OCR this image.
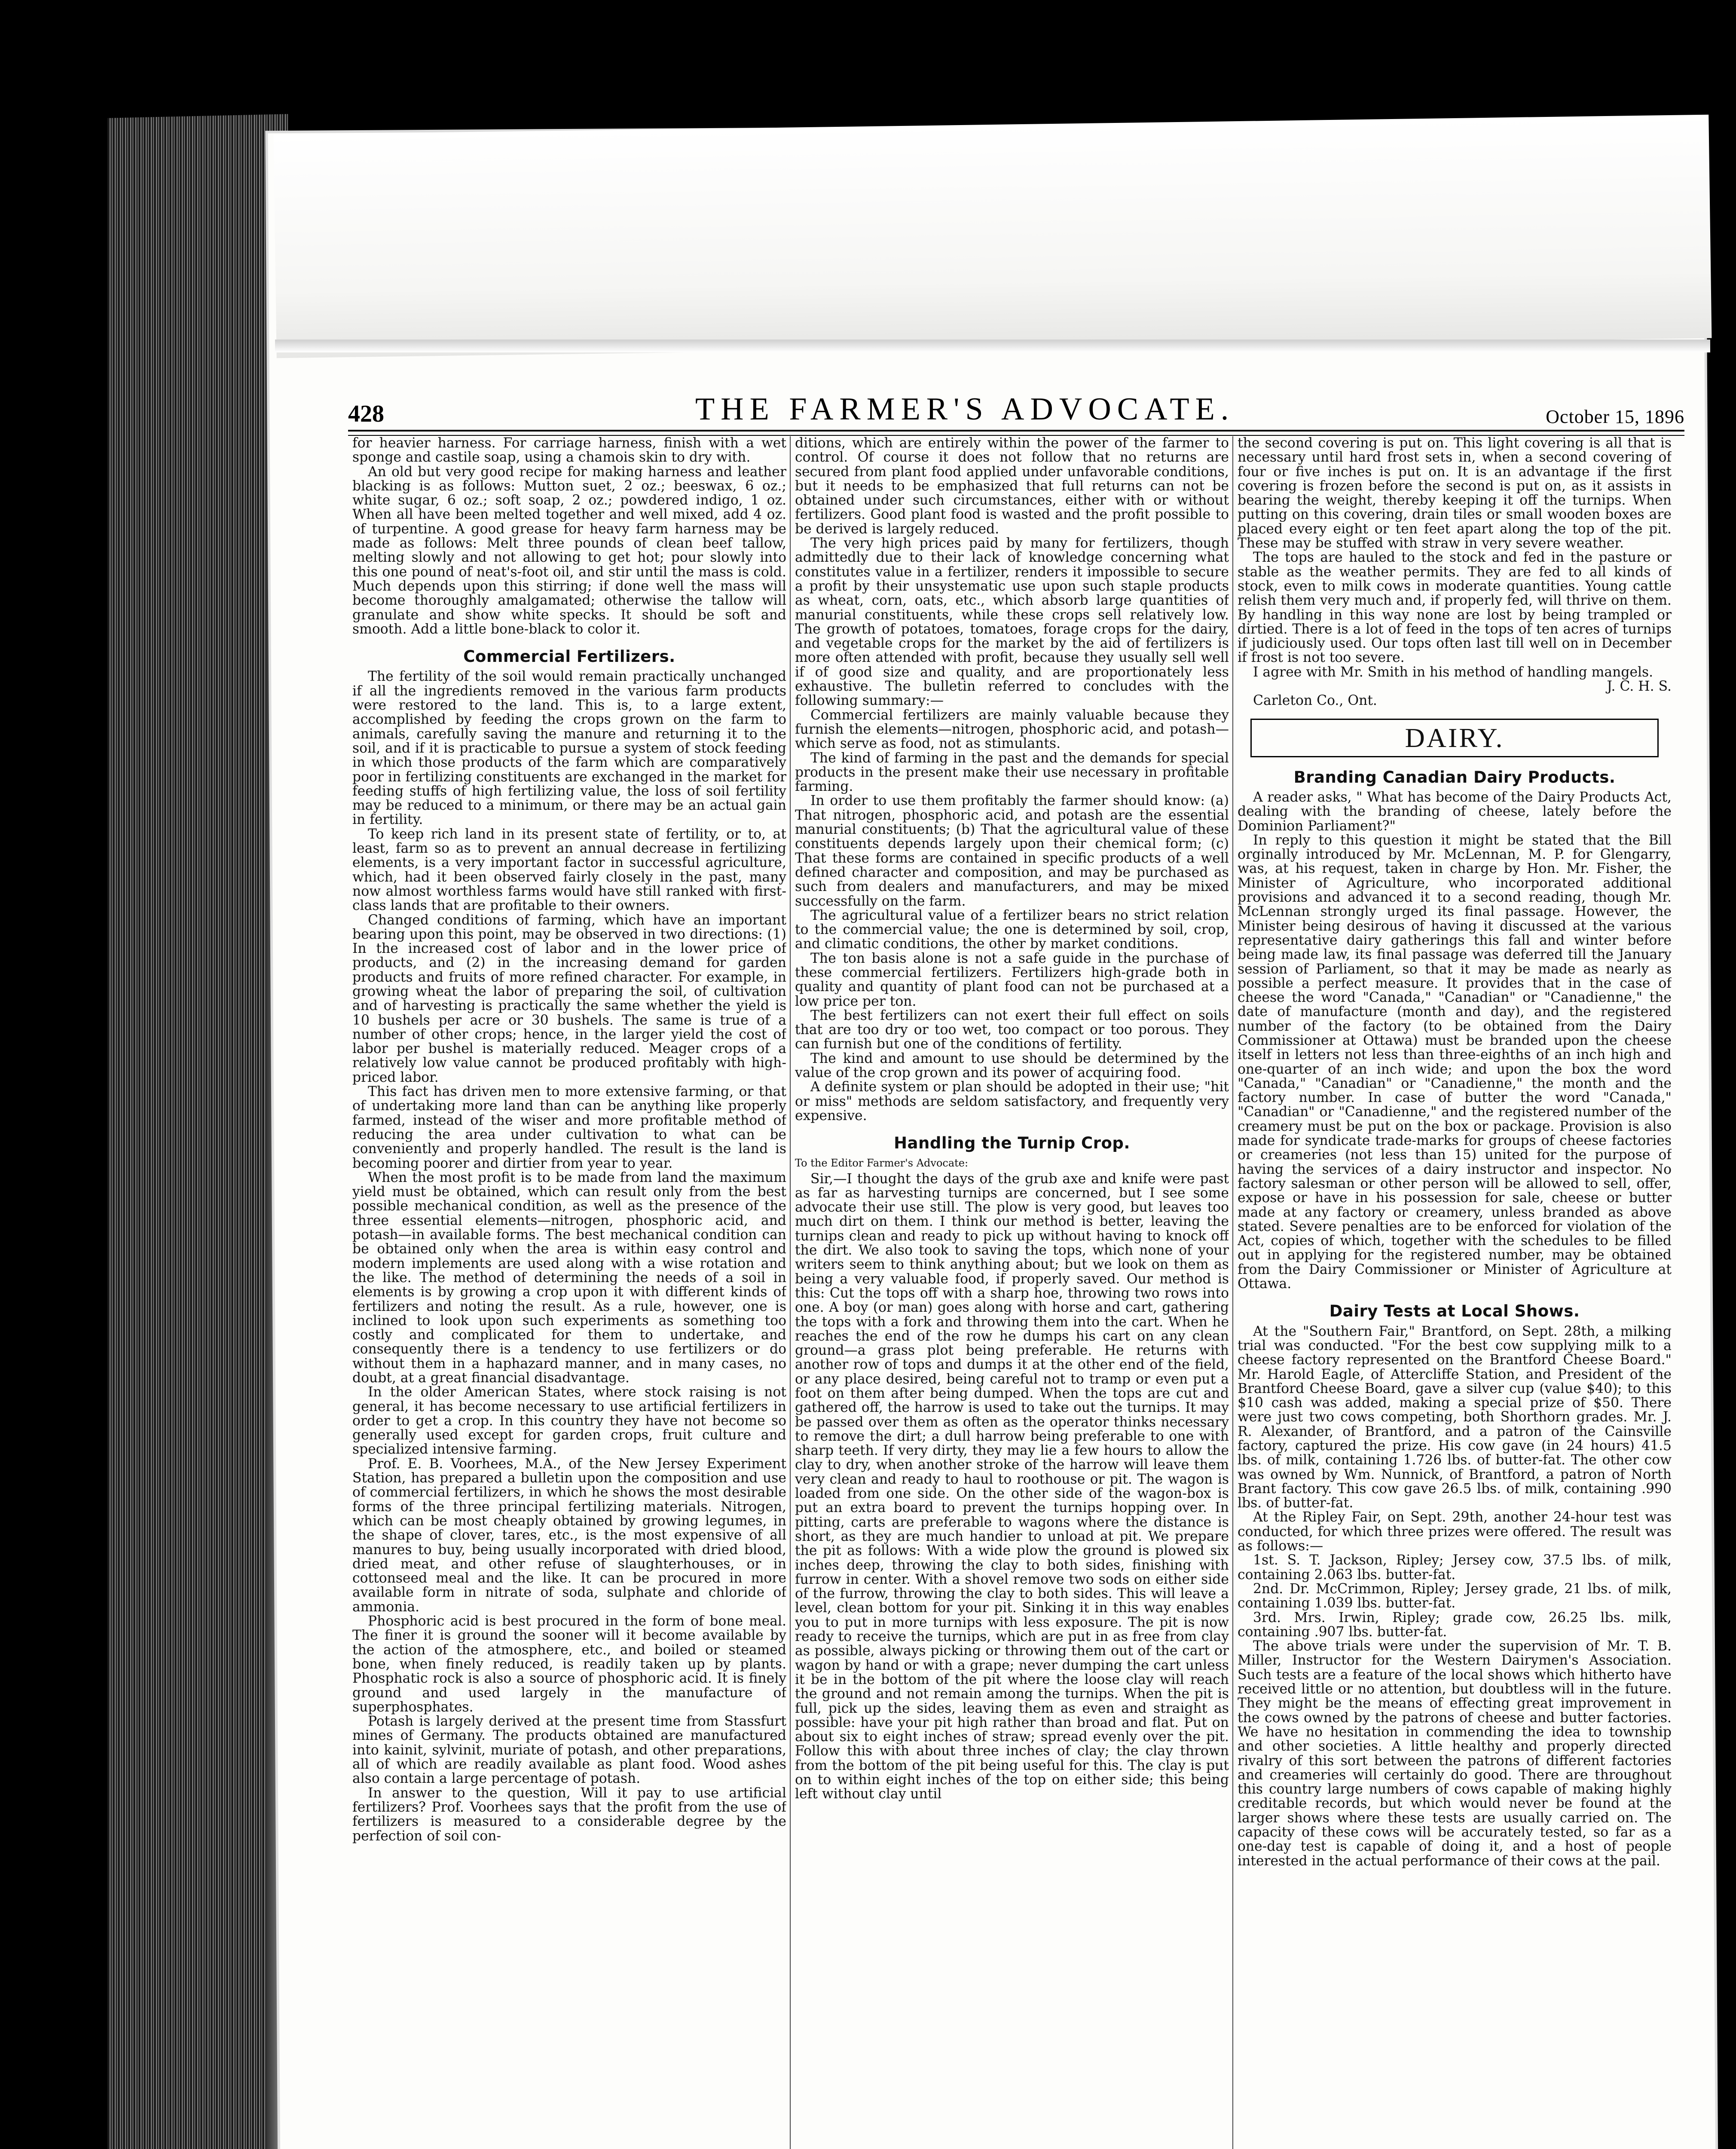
428	THE FARMER'S ADVOCATE.	October 15, 1896

for heavier harness. For carriage harness, finish with a wet sponge and castile soap, using a chamois skin to dry with.

An old but very good recipe for making harness and leather blacking is as follows: Mutton suet, 2 oz.; beeswax, 6 oz.; white sugar, 6 oz.; soft soap, 2 oz.; powdered indigo, 1 oz. When all have been melted together and well mixed, add 4 oz. of turpentine. A good grease for heavy farm harness may be made as follows: Melt three pounds of clean beef tallow, melting slowly and not allowing to get hot; pour slowly into this one pound of neat's-foot oil, and stir until the mass is cold. Much depends upon this stirring; if done well the mass will become thoroughly amalgamated; otherwise the tallow will granulate and show white specks. It should be soft and smooth. Add a little bone-black to color it.

Commercial Fertilizers.

The fertility of the soil would remain practically unchanged if all the ingredients removed in the various farm products were restored to the land. This is, to a large extent, accomplished by feeding the crops grown on the farm to animals, carefully saving the manure and returning it to the soil, and if it is practicable to pursue a system of stock feeding in which those products of the farm which are comparatively poor in fertilizing constituents are exchanged in the market for feeding stuffs of high fertilizing value, the loss of soil fertility may be reduced to a minimum, or there may be an actual gain in fertility.

To keep rich land in its present state of fertility, or to, at least, farm so as to prevent an annual decrease in fertilizing elements, is a very important factor in successful agriculture, which, had it been observed fairly closely in the past, many now almost worthless farms would have still ranked with first-class lands that are profitable to their owners.

Changed conditions of farming, which have an important bearing upon this point, may be observed in two directions: (1) In the increased cost of labor and in the lower price of products, and (2) in the increasing demand for garden products and fruits of more refined character. For example, in growing wheat the labor of preparing the soil, of cultivation and of harvesting is practically the same whether the yield is 10 bushels per acre or 30 bushels. The same is true of a number of other crops; hence, in the larger yield the cost of labor per bushel is materially reduced. Meager crops of a relatively low value cannot be produced profitably with high-priced labor.

This fact has driven men to more extensive farming, or that of undertaking more land than can be anything like properly farmed, instead of the wiser and more profitable method of reducing the area under cultivation to what can be conveniently and properly handled. The result is the land is becoming poorer and dirtier from year to year.

When the most profit is to be made from land the maximum yield must be obtained, which can result only from the best possible mechanical condition, as well as the presence of the three essential elements—nitrogen, phosphoric acid, and potash—in available forms. The best mechanical condition can be obtained only when the area is within easy control and modern implements are used along with a wise rotation and the like. The method of determining the needs of a soil in elements is by growing a crop upon it with different kinds of fertilizers and noting the result. As a rule, however, one is inclined to look upon such experiments as something too costly and complicated for them to undertake, and consequently there is a tendency to use fertilizers or do without them in a haphazard manner, and in many cases, no doubt, at a great financial disadvantage.

In the older American States, where stock raising is not general, it has become necessary to use artificial fertilizers in order to get a crop. In this country they have not become so generally used except for garden crops, fruit culture and specialized intensive farming.

Prof. E. B. Voorhees, M.A., of the New Jersey Experiment Station, has prepared a bulletin upon the composition and use of commercial fertilizers, in which he shows the most desirable forms of the three principal fertilizing materials. Nitrogen, which can be most cheaply obtained by growing legumes, in the shape of clover, tares, etc., is the most expensive of all manures to buy, being usually incorporated with dried blood, dried meat, and other refuse of slaughterhouses, or in cottonseed meal and the like. It can be procured in more available form in nitrate of soda, sulphate and chloride of ammonia.

Phosphoric acid is best procured in the form of bone meal. The finer it is ground the sooner will it become available by the action of the atmosphere, etc., and boiled or steamed bone, when finely reduced, is readily taken up by plants. Phosphatic rock is also a source of phosphoric acid. It is finely ground and used largely in the manufacture of superphosphates.

Potash is largely derived at the present time from Stassfurt mines of Germany. The products obtained are manufactured into kainit, sylvinit, muriate of potash, and other preparations, all of which are readily available as plant food. Wood ashes also contain a large percentage of potash.

In answer to the question, Will it pay to use artificial fertilizers? Prof. Voorhees says that the profit from the use of fertilizers is measured to a considerable degree by the perfection of soil con-

ditions, which are entirely within the power of the farmer to control. Of course it does not follow that no returns are secured from plant food applied under unfavorable conditions, but it needs to be emphasized that full returns can not be obtained under such circumstances, either with or without fertilizers. Good plant food is wasted and the profit possible to be derived is largely reduced.

The very high prices paid by many for fertilizers, though admittedly due to their lack of knowledge concerning what constitutes value in a fertilizer, renders it impossible to secure a profit by their unsystematic use upon such staple products as wheat, corn, oats, etc., which absorb large quantities of manurial constituents, while these crops sell relatively low. The growth of potatoes, tomatoes, forage crops for the dairy, and vegetable crops for the market by the aid of fertilizers is more often attended with profit, because they usually sell well if of good size and quality, and are proportionately less exhaustive. The bulletin referred to concludes with the following summary:—

Commercial fertilizers are mainly valuable because they furnish the elements—nitrogen, phosphoric acid, and potash—which serve as food, not as stimulants.

The kind of farming in the past and the demands for special products in the present make their use necessary in profitable farming.

In order to use them profitably the farmer should know: (a) That nitrogen, phosphoric acid, and potash are the essential manurial constituents; (b) That the agricultural value of these constituents depends largely upon their chemical form; (c) That these forms are contained in specific products of a well defined character and composition, and may be purchased as such from dealers and manufacturers, and may be mixed successfully on the farm.

The agricultural value of a fertilizer bears no strict relation to the commercial value; the one is determined by soil, crop, and climatic conditions, the other by market conditions.

The ton basis alone is not a safe guide in the purchase of these commercial fertilizers. Fertilizers high-grade both in quality and quantity of plant food can not be purchased at a low price per ton.

The best fertilizers can not exert their full effect on soils that are too dry or too wet, too compact or too porous. They can furnish but one of the conditions of fertility.

The kind and amount to use should be determined by the value of the crop grown and its power of acquiring food.

A definite system or plan should be adopted in their use; "hit or miss" methods are seldom satisfactory, and frequently very expensive.

Handling the Turnip Crop.

To the Editor Farmer's Advocate:

Sir,—I thought the days of the grub axe and knife were past as far as harvesting turnips are concerned, but I see some advocate their use still. The plow is very good, but leaves too much dirt on them. I think our method is better, leaving the turnips clean and ready to pick up without having to knock off the dirt. We also took to saving the tops, which none of your writers seem to think anything about; but we look on them as being a very valuable food, if properly saved. Our method is this: Cut the tops off with a sharp hoe, throwing two rows into one. A boy (or man) goes along with horse and cart, gathering the tops with a fork and throwing them into the cart. When he reaches the end of the row he dumps his cart on any clean ground—a grass plot being preferable. He returns with another row of tops and dumps it at the other end of the field, or any place desired, being careful not to tramp or even put a foot on them after being dumped. When the tops are cut and gathered off, the harrow is used to take out the turnips. It may be passed over them as often as the operator thinks necessary to remove the dirt; a dull harrow being preferable to one with sharp teeth. If very dirty, they may lie a few hours to allow the clay to dry, when another stroke of the harrow will leave them very clean and ready to haul to roothouse or pit. The wagon is loaded from one side. On the other side of the wagon-box is put an extra board to prevent the turnips hopping over. In pitting, carts are preferable to wagons where the distance is short, as they are much handier to unload at pit. We prepare the pit as follows: With a wide plow the ground is plowed six inches deep, throwing the clay to both sides, finishing with furrow in center. With a shovel remove two sods on either side of the furrow, throwing the clay to both sides. This will leave a level, clean bottom for your pit. Sinking it in this way enables you to put in more turnips with less exposure. The pit is now ready to receive the turnips, which are put in as free from clay as possible, always picking or throwing them out of the cart or wagon by hand or with a grape; never dumping the cart unless it be in the bottom of the pit where the loose clay will reach the ground and not remain among the turnips. When the pit is full, pick up the sides, leaving them as even and straight as possible: have your pit high rather than broad and flat. Put on about six to eight inches of straw; spread evenly over the pit. Follow this with about three inches of clay; the clay thrown from the bottom of the pit being useful for this. The clay is put on to within eight inches of the top on either side; this being left without clay until

the second covering is put on. This light covering is all that is necessary until hard frost sets in, when a second covering of four or five inches is put on. It is an advantage if the first covering is frozen before the second is put on, as it assists in bearing the weight, thereby keeping it off the turnips. When putting on this covering, drain tiles or small wooden boxes are placed every eight or ten feet apart along the top of the pit. These may be stuffed with straw in very severe weather.

The tops are hauled to the stock and fed in the pasture or stable as the weather permits. They are fed to all kinds of stock, even to milk cows in moderate quantities. Young cattle relish them very much and, if properly fed, will thrive on them. By handling in this way none are lost by being trampled or dirtied. There is a lot of feed in the tops of ten acres of turnips if judiciously used. Our tops often last till well on in December if frost is not too severe.

I agree with Mr. Smith in his method of handling mangels.

J. C. H. S.

Carleton Co., Ont.

DAIRY.
Branding Canadian Dairy Products.

A reader asks, " What has become of the Dairy Products Act, dealing with the branding of cheese, lately before the Dominion Parliament?"

In reply to this question it might be stated that the Bill orginally introduced by Mr. McLennan, M. P. for Glengarry, was, at his request, taken in charge by Hon. Mr. Fisher, the Minister of Agriculture, who incorporated additional provisions and advanced it to a second reading, though Mr. McLennan strongly urged its final passage. However, the Minister being desirous of having it discussed at the various representative dairy gatherings this fall and winter before being made law, its final passage was deferred till the January session of Parliament, so that it may be made as nearly as possible a perfect measure. It provides that in the case of cheese the word "Canada," "Canadian" or "Canadienne," the date of manufacture (month and day), and the registered number of the factory (to be obtained from the Dairy Commissioner at Ottawa) must be branded upon the cheese itself in letters not less than three-eighths of an inch high and one-quarter of an inch wide; and upon the box the word "Canada," "Canadian" or "Canadienne," the month and the factory number. In case of butter the word "Canada," "Canadian" or "Canadienne," and the registered number of the creamery must be put on the box or package. Provision is also made for syndicate trade-marks for groups of cheese factories or creameries (not less than 15) united for the purpose of having the services of a dairy instructor and inspector. No factory salesman or other person will be allowed to sell, offer, expose or have in his possession for sale, cheese or butter made at any factory or creamery, unless branded as above stated. Severe penalties are to be enforced for violation of the Act, copies of which, together with the schedules to be filled out in applying for the registered number, may be obtained from the Dairy Commissioner or Minister of Agriculture at Ottawa.

Dairy Tests at Local Shows.

At the "Southern Fair," Brantford, on Sept. 28th, a milking trial was conducted. "For the best cow supplying milk to a cheese factory represented on the Brantford Cheese Board." Mr. Harold Eagle, of Attercliffe Station, and President of the Brantford Cheese Board, gave a silver cup (value $40); to this $10 cash was added, making a special prize of $50. There were just two cows competing, both Shorthorn grades. Mr. J. R. Alexander, of Brantford, and a patron of the Cainsville factory, captured the prize. His cow gave (in 24 hours) 41.5 lbs. of milk, containing 1.726 lbs. of butter-fat. The other cow was owned by Wm. Nunnick, of Brantford, a patron of North Brant factory. This cow gave 26.5 lbs. of milk, containing .990 lbs. of butter-fat.

At the Ripley Fair, on Sept. 29th, another 24-hour test was conducted, for which three prizes were offered. The result was as follows:—

1st. S. T. Jackson, Ripley; Jersey cow, 37.5 lbs. of milk, containing 2.063 lbs. butter-fat.

2nd. Dr. McCrimmon, Ripley; Jersey grade, 21 lbs. of milk, containing 1.039 lbs. butter-fat.

3rd. Mrs. Irwin, Ripley; grade cow, 26.25 lbs. milk, containing .907 lbs. butter-fat.

The above trials were under the supervision of Mr. T. B. Miller, Instructor for the Western Dairymen's Association. Such tests are a feature of the local shows which hitherto have received little or no attention, but doubtless will in the future. They might be the means of effecting great improvement in the cows owned by the patrons of cheese and butter factories. We have no hesitation in commending the idea to township and other societies. A little healthy and properly directed rivalry of this sort between the patrons of different factories and creameries will certainly do good. There are throughout this country large numbers of cows capable of making highly creditable records, but which would never be found at the larger shows where these tests are usually carried on. The capacity of these cows will be accurately tested, so far as a one-day test is capable of doing it, and a host of people interested in the actual performance of their cows at the pail.
